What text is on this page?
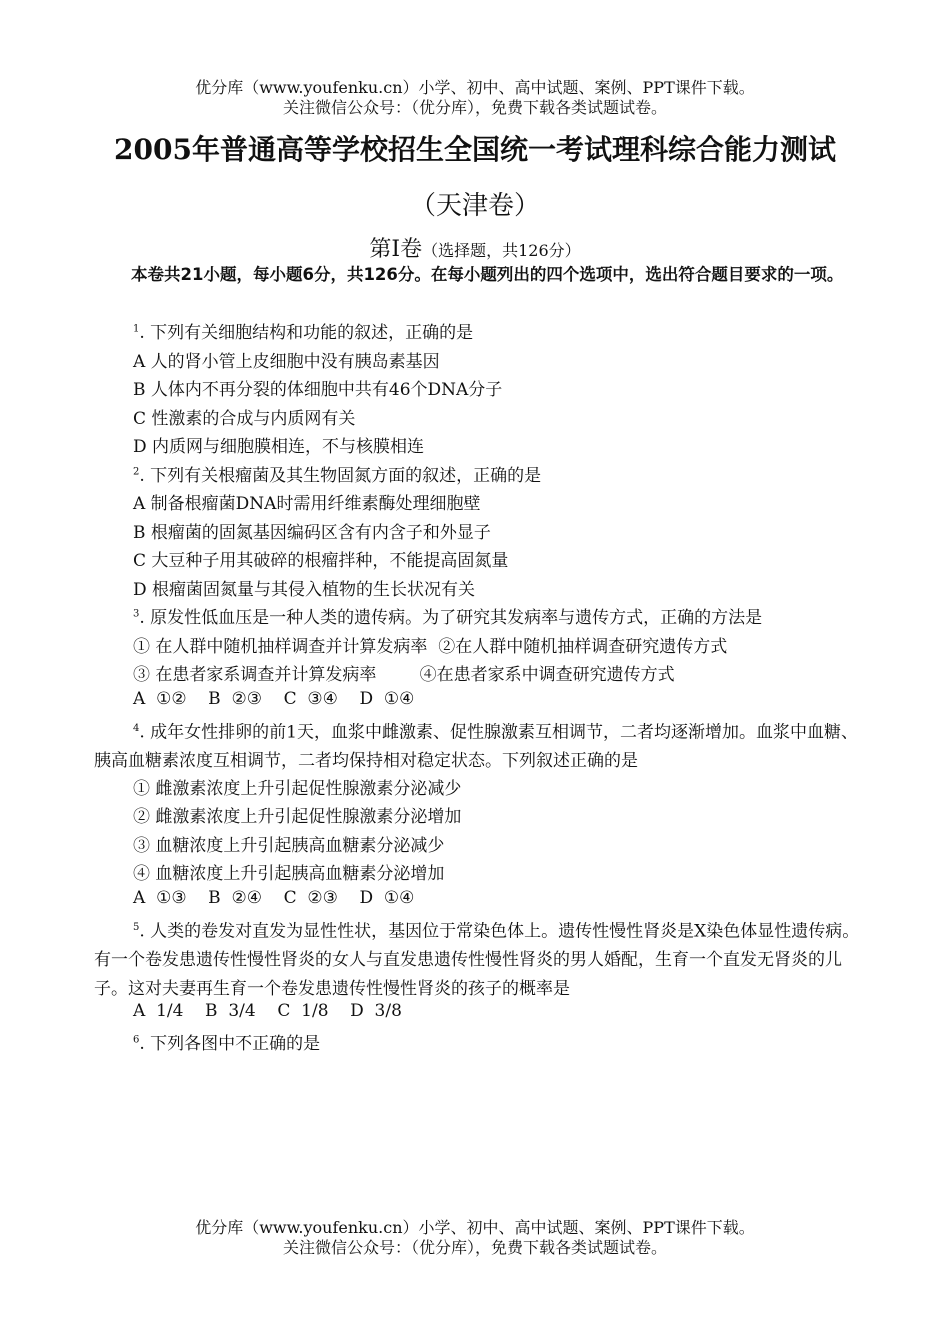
优分库（www.youfenku.cn）小学、初中、高中试题、案例、PPT课件下载。
关注微信公众号：（优分库），免费下载各类试题试卷。
2005年普通高等学校招生全国统一考试理科综合能力测试
（天津卷）
第Ⅰ卷（选择题，共126分）
本卷共21小题，每小题6分，共126分。在每小题列出的四个选项中，选出符合题目要求的一项。
$^1$. 下列有关细胞结构和功能的叙述，正确的是
A 人的肾小管上皮细胞中没有胰岛素基因
B 人体内不再分裂的体细胞中共有46个DNA分子
C 性激素的合成与内质网有关
D 内质网与细胞膜相连，不与核膜相连
$^2$. 下列有关根瘤菌及其生物固氮方面的叙述，正确的是
A 制备根瘤菌DNA时需用纤维素酶处理细胞壁
B 根瘤菌的固氮基因编码区含有内含子和外显子
C 大豆种子用其破碎的根瘤拌种，不能提高固氮量
D 根瘤菌固氮量与其侵入植物的生长状况有关
$^3$. 原发性低血压是一种人类的遗传病。为了研究其发病率与遗传方式，正确的方法是
① 在人群中随机抽样调查并计算发病率  ②在人群中随机抽样调查研究遗传方式
③ 在患者家系调查并计算发病率        ④在患者家系中调查研究遗传方式
A  ①②    B  ②③    C  ③④    D  ①④
$^4$. 成年女性排卵的前1天，血浆中雌激素、促性腺激素互相调节，二者均逐渐增加。血浆中血糖、胰高血糖素浓度互相调节，二者均保持相对稳定状态。下列叙述正确的是
① 雌激素浓度上升引起促性腺激素分泌减少
② 雌激素浓度上升引起促性腺激素分泌增加
③ 血糖浓度上升引起胰高血糖素分泌减少
④ 血糖浓度上升引起胰高血糖素分泌增加
A  ①③    B  ②④    C  ②③    D  ①④
$^5$. 人类的卷发对直发为显性性状，基因位于常染色体上。遗传性慢性肾炎是X染色体显性遗传病。有一个卷发患遗传性慢性肾炎的女人与直发患遗传性慢性肾炎的男人婚配，生育一个直发无肾炎的儿子。这对夫妻再生育一个卷发患遗传性慢性肾炎的孩子的概率是
A  1/4    B  3/4    C  1/8    D  3/8
$^6$. 下列各图中不正确的是
优分库（www.youfenku.cn）小学、初中、高中试题、案例、PPT课件下载。
关注微信公众号：（优分库），免费下载各类试题试卷。
